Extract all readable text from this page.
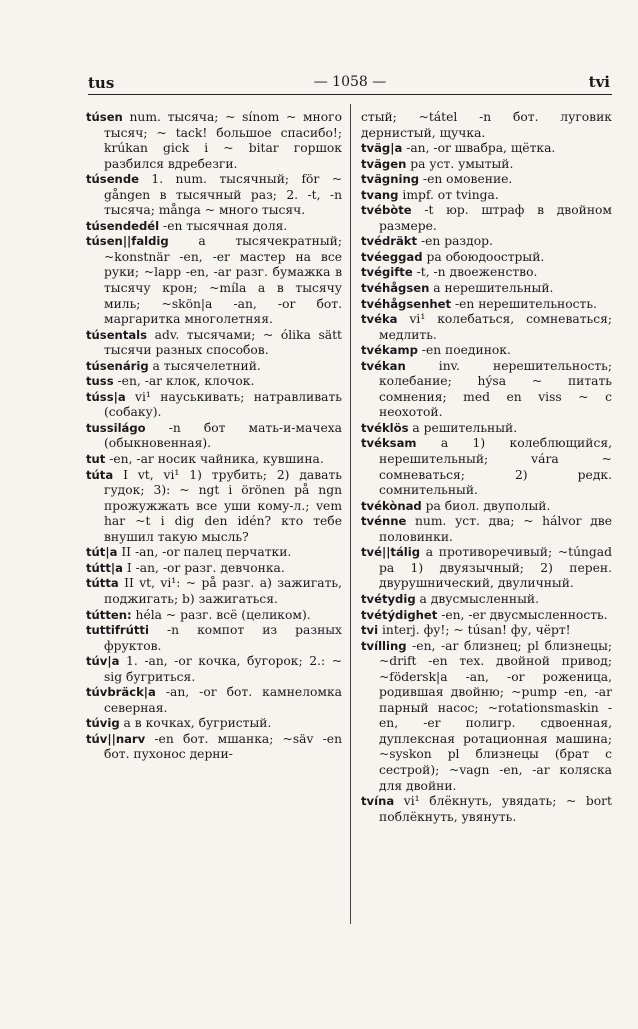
tus	— 1058 —	tvi

túsen num. тысяча; ~ sínom ~ много тысяч; ~ tack! большое спасибо!; krúkan gick i ~ bitar горшок разбился вдребезги.

túsende 1. num. тысячный; för ~ gången в тысячный раз; 2. -t, -n тысяча; många ~ много тысяч.

túsendedél -en тысячная доля.

túsen||faldig a тысячекратный; ~konstnär -en, -er мастер на все руки; ~lapp -en, -ar разг. бумажка в тысячу крон; ~míla a в тысячу миль; ~skön|a -an, -or бот. маргаритка многолетняя.

túsentals adv. тысячами; ~ ólika sätt тысячи разных способов.

túsenárig a тысячелетний.

tuss -en, -ar клок, клочок.

túss|a vi¹ науськивать; натравливать (собаку).

tussilágo -n бот мать-и-мачеха (обыкновенная).

tut -en, -ar носик чайника, кувшина.

túta I vt, vi¹ 1) трубить; 2) давать гудок; 3): ~ ngt i örönen på ngn прожужжать все уши кому-л.; vem har ~t i dig den idén? кто тебе внушил такую мысль?

tút|a II -an, -or палец перчатки.

tútt|a I -an, -or разг. девчонка.

tútta II vt, vi¹: ~ på разг. а) зажигать, поджигать; b) зажигаться.

tútten: héla ~ разг. всё (целиком).

tuttifrútti -n компот из разных фруктов.

túv|a 1. -an, -or кочка, бугорок; 2.: ~ sig бугриться.

túvbräck|a -an, -or бот. камнеломка северная.

túvig a в кочках, бугристый.

túv||narv -en бот. мшанка; ~säv -en бот. пухонос дерни-

стый; ~tátel -n бот. луговик дернистый, щучка.

tväg|a -an, -or швабра, щётка.

tvägen pa уст. умытый.

tvägning -en омовение.

tvang impf. от tvinga.

tvébòte -t юр. штраф в двойном размере.

tvédräkt -en раздор.

tvéeggad pa обоюдоострый.

tvégifte -t, -n двоеженство.

tvéhågsen a нерешительный.

tvéhågsenhet -en нерешительность.

tvéka vi¹ колебаться, сомневаться; медлить.

tvékamp -en поединок.

tvékan inv. нерешительность; колебание; hýsa ~ питать сомнения; med en viss ~ с неохотой.

tvéklös a решительный.

tvéksam a 1) колеблющийся, нерешительный; vára ~ сомневаться; 2) редк. сомнительный.

tvékònad pa биол. двуполый.

tvénne num. уст. два; ~ hálvor две половинки.

tvé||tálig a противоречивый; ~túngad pa 1) двуязычный; 2) перен. двурушнический, двуличный.

tvétydig a двусмысленный.

tvétýdighet -en, -er двусмысленность.

tvi interj. фу!; ~ túsan! фу, чёрт!

tvílling -en, -ar близнец; pl близнецы; ~drift -en тех. двойной привод; ~födersk|a -an, -or роженица, родившая двойню; ~pump -en, -ar парный насос; ~rotationsmaskin -en, -er полигр. сдвоенная, дуплексная ротационная машина; ~syskon pl близнецы (брат с сестрой); ~vagn -en, -ar коляска для двойни.

tvína vi¹ блёкнуть, увядать; ~ bort поблёкнуть, увянуть.
